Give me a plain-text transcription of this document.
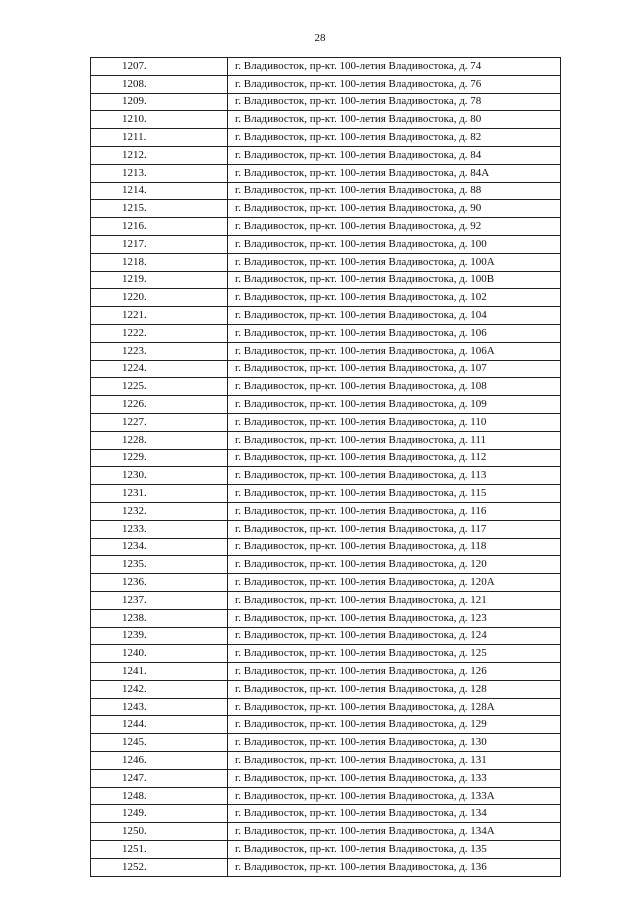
28
1207.	г. Владивосток, пр-кт. 100-летия Владивостока, д. 74
1208.	г. Владивосток, пр-кт. 100-летия Владивостока, д. 76
1209.	г. Владивосток, пр-кт. 100-летия Владивостока, д. 78
1210.	г. Владивосток, пр-кт. 100-летия Владивостока, д. 80
1211.	г. Владивосток, пр-кт. 100-летия Владивостока, д. 82
1212.	г. Владивосток, пр-кт. 100-летия Владивостока, д. 84
1213.	г. Владивосток, пр-кт. 100-летия Владивостока, д. 84А
1214.	г. Владивосток, пр-кт. 100-летия Владивостока, д. 88
1215.	г. Владивосток, пр-кт. 100-летия Владивостока, д. 90
1216.	г. Владивосток, пр-кт. 100-летия Владивостока, д. 92
1217.	г. Владивосток, пр-кт. 100-летия Владивостока, д. 100
1218.	г. Владивосток, пр-кт. 100-летия Владивостока, д. 100А
1219.	г. Владивосток, пр-кт. 100-летия Владивостока, д. 100В
1220.	г. Владивосток, пр-кт. 100-летия Владивостока, д. 102
1221.	г. Владивосток, пр-кт. 100-летия Владивостока, д. 104
1222.	г. Владивосток, пр-кт. 100-летия Владивостока, д. 106
1223.	г. Владивосток, пр-кт. 100-летия Владивостока, д. 106А
1224.	г. Владивосток, пр-кт. 100-летия Владивостока, д. 107
1225.	г. Владивосток, пр-кт. 100-летия Владивостока, д. 108
1226.	г. Владивосток, пр-кт. 100-летия Владивостока, д. 109
1227.	г. Владивосток, пр-кт. 100-летия Владивостока, д. 110
1228.	г. Владивосток, пр-кт. 100-летия Владивостока, д. 111
1229.	г. Владивосток, пр-кт. 100-летия Владивостока, д. 112
1230.	г. Владивосток, пр-кт. 100-летия Владивостока, д. 113
1231.	г. Владивосток, пр-кт. 100-летия Владивостока, д. 115
1232.	г. Владивосток, пр-кт. 100-летия Владивостока, д. 116
1233.	г. Владивосток, пр-кт. 100-летия Владивостока, д. 117
1234.	г. Владивосток, пр-кт. 100-летия Владивостока, д. 118
1235.	г. Владивосток, пр-кт. 100-летия Владивостока, д. 120
1236.	г. Владивосток, пр-кт. 100-летия Владивостока, д. 120А
1237.	г. Владивосток, пр-кт. 100-летия Владивостока, д. 121
1238.	г. Владивосток, пр-кт. 100-летия Владивостока, д. 123
1239.	г. Владивосток, пр-кт. 100-летия Владивостока, д. 124
1240.	г. Владивосток, пр-кт. 100-летия Владивостока, д. 125
1241.	г. Владивосток, пр-кт. 100-летия Владивостока, д. 126
1242.	г. Владивосток, пр-кт. 100-летия Владивостока, д. 128
1243.	г. Владивосток, пр-кт. 100-летия Владивостока, д. 128А
1244.	г. Владивосток, пр-кт. 100-летия Владивостока, д. 129
1245.	г. Владивосток, пр-кт. 100-летия Владивостока, д. 130
1246.	г. Владивосток, пр-кт. 100-летия Владивостока, д. 131
1247.	г. Владивосток, пр-кт. 100-летия Владивостока, д. 133
1248.	г. Владивосток, пр-кт. 100-летия Владивостока, д. 133А
1249.	г. Владивосток, пр-кт. 100-летия Владивостока, д. 134
1250.	г. Владивосток, пр-кт. 100-летия Владивостока, д. 134А
1251.	г. Владивосток, пр-кт. 100-летия Владивостока, д. 135
1252.	г. Владивосток, пр-кт. 100-летия Владивостока, д. 136
